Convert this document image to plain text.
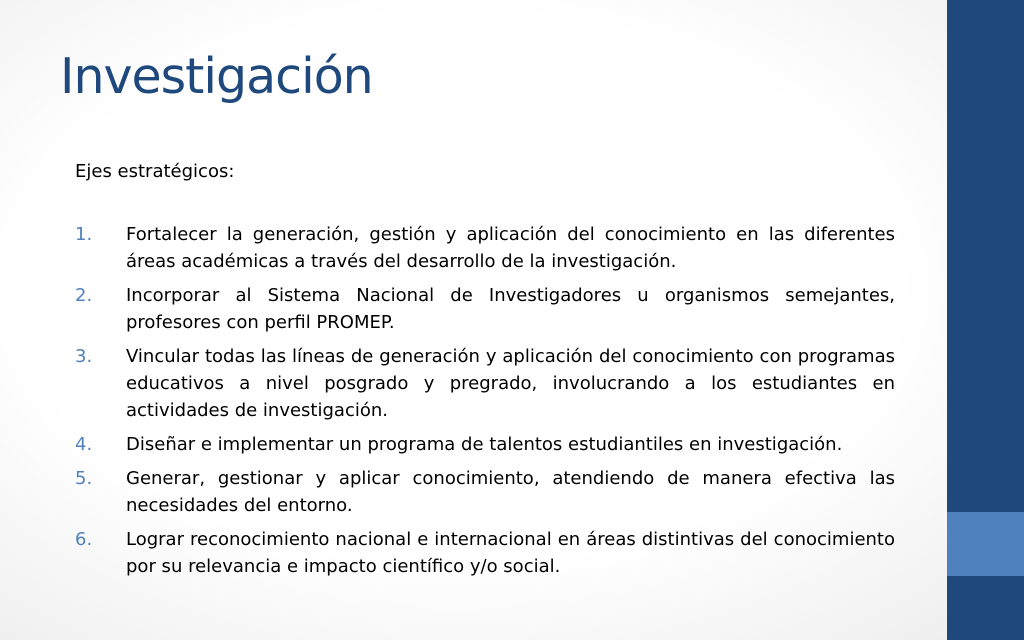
Investigación

Ejes estratégicos:

1.	Fortalecer la generación, gestión y aplicación del conocimiento en las diferentes áreas académicas a través del desarrollo de la investigación.
2.	Incorporar al Sistema Nacional de Investigadores u organismos semejantes, profesores con perfil PROMEP.
3.	Vincular todas las líneas de generación y aplicación del conocimiento con programas educativos a nivel posgrado y pregrado, involucrando a los estudiantes en actividades de investigación.
4.	Diseñar e implementar un programa de talentos estudiantiles en investigación.
5.	Generar, gestionar y aplicar conocimiento, atendiendo de manera efectiva las necesidades del entorno.
6.	Lograr reconocimiento nacional e internacional en áreas distintivas del conocimiento por su relevancia e impacto científico y/o social.
